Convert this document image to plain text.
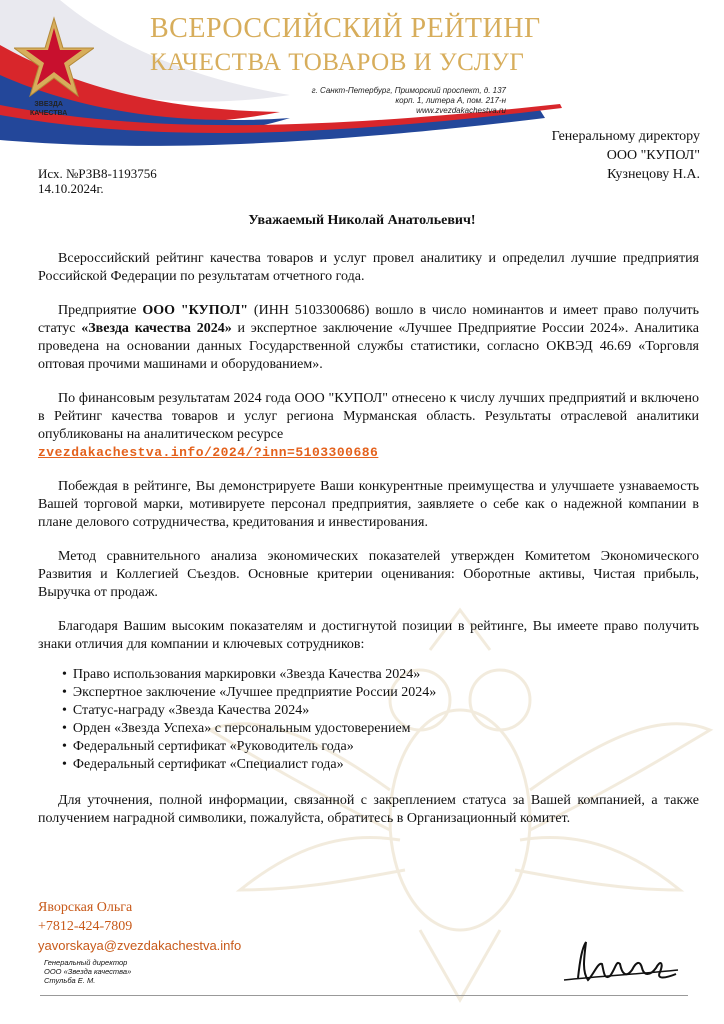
ЗВЕЗДА
КАЧЕСТВА
ВСЕРОССИЙСКИЙ РЕЙТИНГ
КАЧЕСТВА ТОВАРОВ И УСЛУГ
г. Санкт-Петербург, Приморский проспект, д. 137
корп. 1, литера А, пом. 217-н
www.zvezdakachestva.ru
Генеральному директору
ООО "КУПОЛ"
Кузнецову Н.А.
Исх. №РЗВ8-1193756
14.10.2024г.
Уважаемый Николай Анатольевич!

Всероссийский рейтинг качества товаров и услуг провел аналитику и определил лучшие предприятия Российской Федерации по результатам отчетного года.

Предприятие ООО "КУПОЛ" (ИНН 5103300686) вошло в число номинантов и имеет право получить статус «Звезда качества 2024» и экспертное заключение «Лучшее Предприятие России 2024». Аналитика проведена на основании данных Государственной службы статистики, согласно ОКВЭД 46.69 «Торговля оптовая прочими машинами и оборудованием».

По финансовым результатам 2024 года ООО "КУПОЛ" отнесено к числу лучших предприятий и включено в Рейтинг качества товаров и услуг региона Мурманская область. Результаты отраслевой аналитики опубликованы на аналитическом ресурсе
zvezdakachestva.info/2024/?inn=5103300686

Побеждая в рейтинге, Вы демонстрируете Ваши конкурентные преимущества и улучшаете узнаваемость Вашей торговой марки, мотивируете персонал предприятия, заявляете о себе как о надежной компании в плане делового сотрудничества, кредитования и инвестирования.

Метод сравнительного анализа экономических показателей утвержден Комитетом Экономического Развития и Коллегией Съездов. Основные критерии оценивания: Оборотные активы, Чистая прибыль, Выручка от продаж.

Благодаря Вашим высоким показателям и достигнутой позиции в рейтинге, Вы имеете право получить знаки отличия для компании и ключевых сотрудников:

• Право использования маркировки «Звезда Качества 2024»
• Экспертное заключение «Лучшее предприятие России 2024»
• Статус-награду «Звезда Качества 2024»
• Орден «Звезда Успеха» с персональным удостоверением
• Федеральный сертификат «Руководитель года»
• Федеральный сертификат «Специалист года»

Для уточнения, полной информации, связанной с закреплением статуса за Вашей компанией, а также получением наградной символики, пожалуйста, обратитесь в Организационный комитет.

Яворская Ольга
+7812-424-7809
yavorskaya@zvezdakachestva.info
Генеральный директор
ООО «Звезда качества»
Стульба Е. М.
